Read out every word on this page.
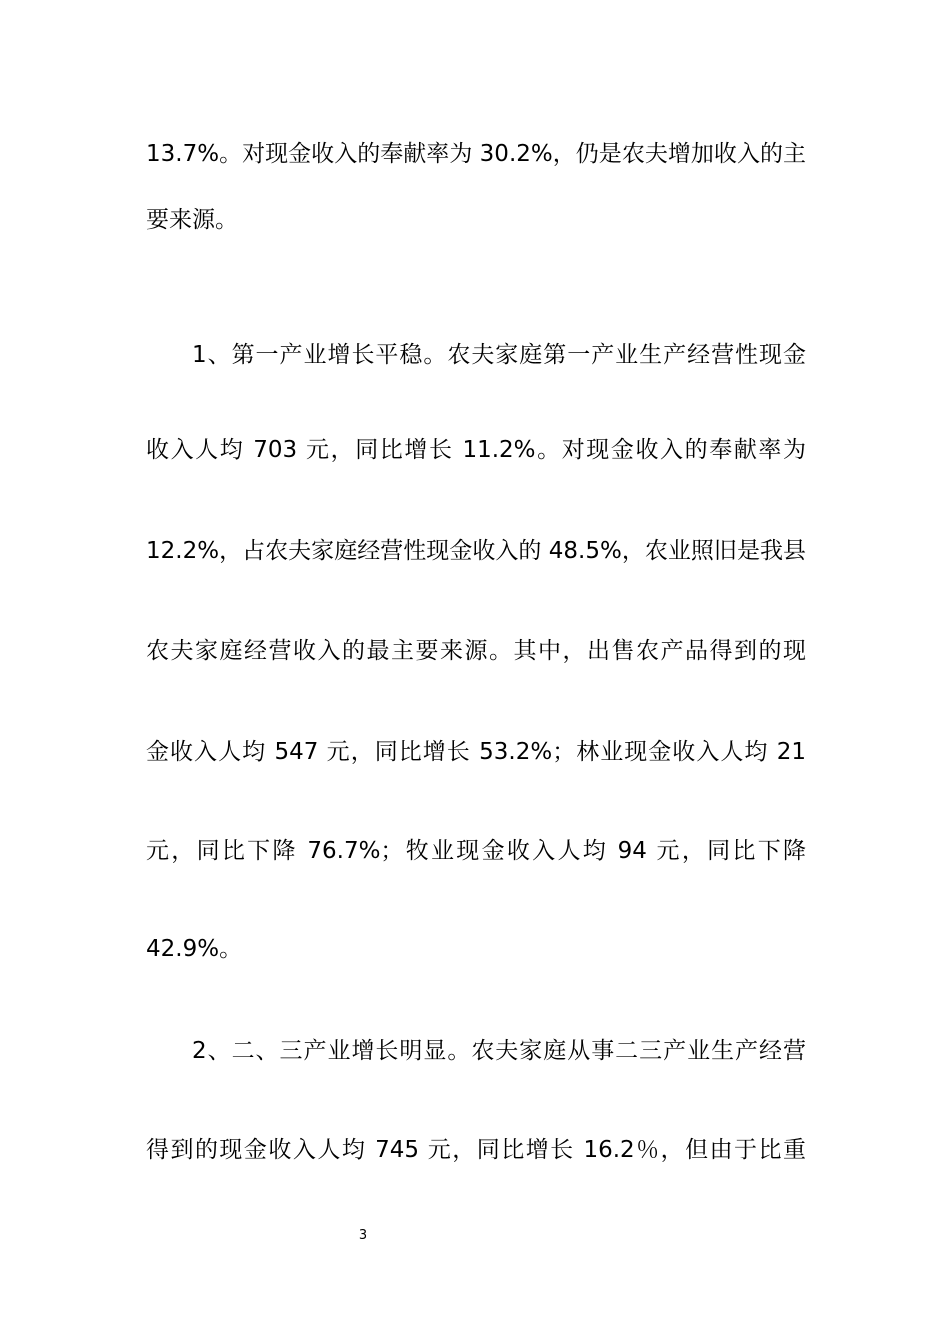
13.7%。对现金收入的奉献率为 30.2%，仍是农夫增加收入的主
要来源。
1、第一产业增长平稳。农夫家庭第一产业生产经营性现金
收入人均 703 元，同比增长 11.2%。对现金收入的奉献率为
12.2%，占农夫家庭经营性现金收入的 48.5%，农业照旧是我县
农夫家庭经营收入的最主要来源。其中，出售农产品得到的现
金收入人均 547 元，同比增长 53.2%；林业现金收入人均 21
元，同比下降 76.7%；牧业现金收入人均 94 元，同比下降
42.9%。
2、二、三产业增长明显。农夫家庭从事二三产业生产经营
得到的现金收入人均 745 元，同比增长 16.2％，但由于比重
3
